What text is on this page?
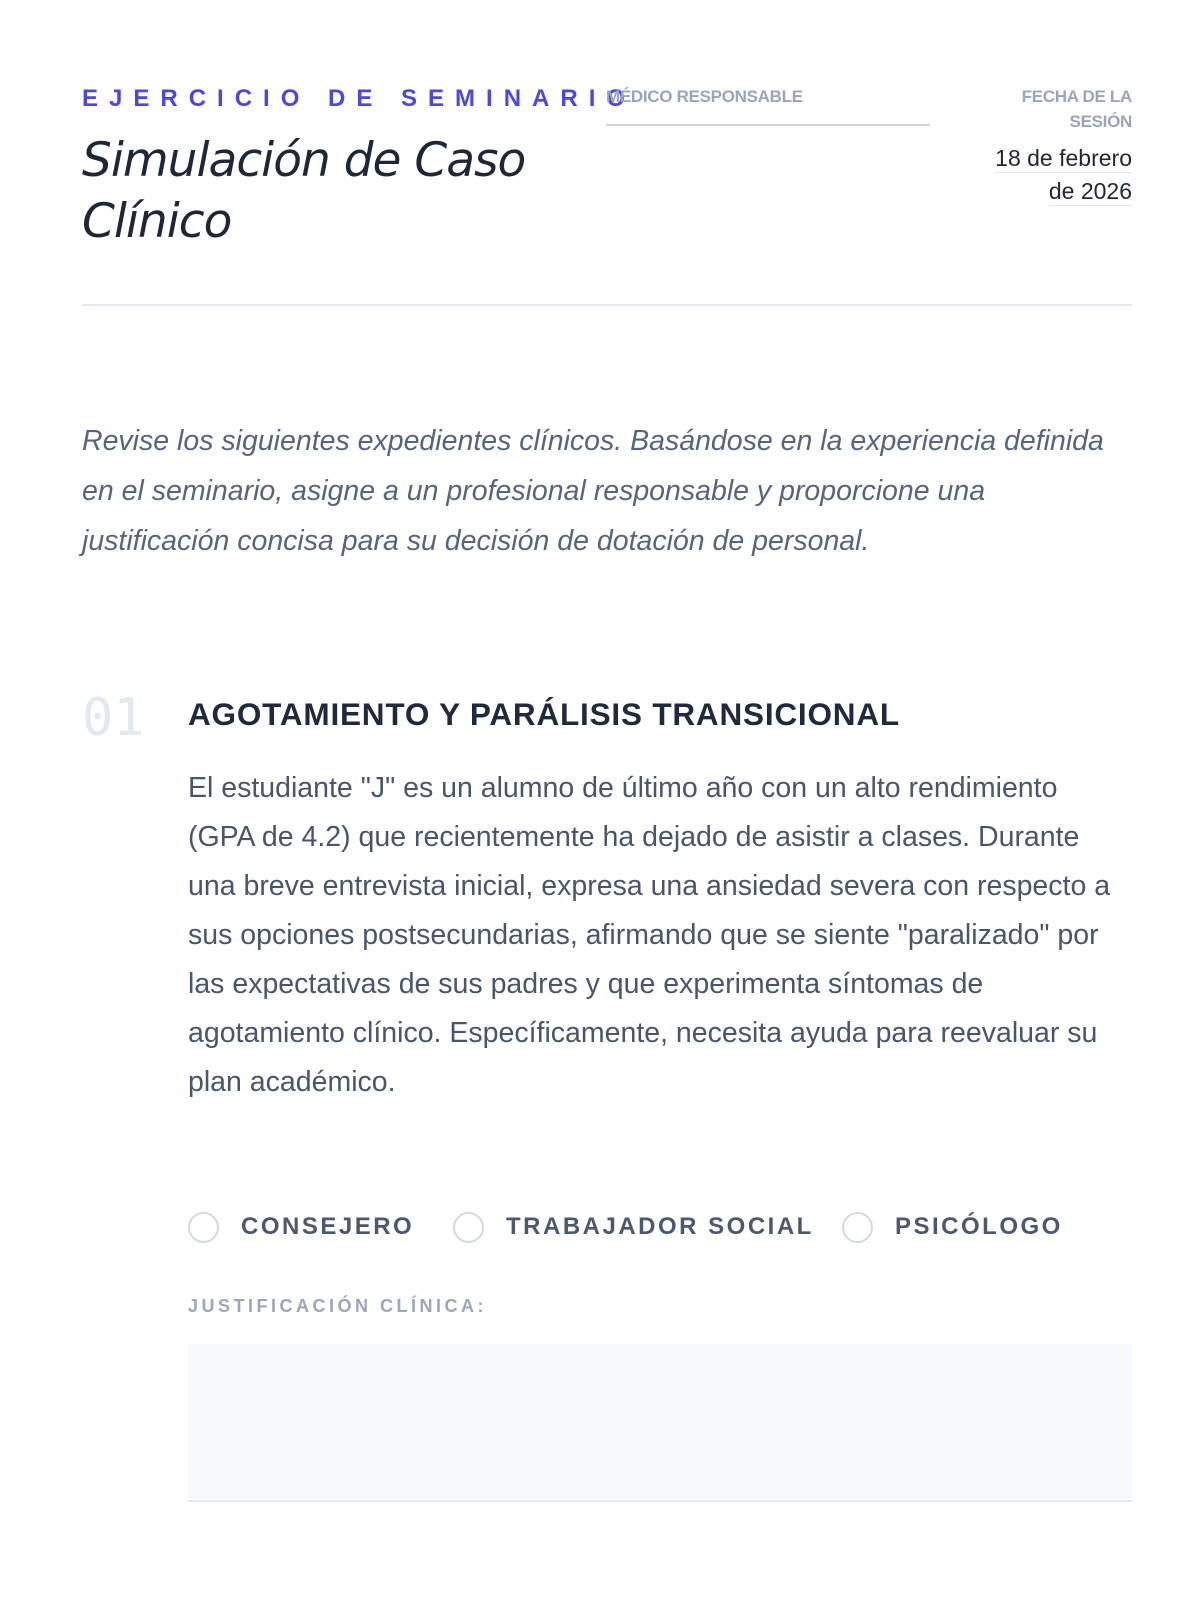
EJERCICIO DE SEMINARIO
Simulación de Caso Clínico
MÉDICO RESPONSABLE	FECHA DE LA SESIÓN
18 de febrero de 2026

Revise los siguientes expedientes clínicos. Basándose en la experiencia definida en el seminario, asigne a un profesional responsable y proporcione una justificación concisa para su decisión de dotación de personal.

01 AGOTAMIENTO Y PARÁLISIS TRANSICIONAL

El estudiante "J" es un alumno de último año con un alto rendimiento (GPA de 4.2) que recientemente ha dejado de asistir a clases. Durante una breve entrevista inicial, expresa una ansiedad severa con respecto a sus opciones postsecundarias, afirmando que se siente "paralizado" por las expectativas de sus padres y que experimenta síntomas de agotamiento clínico. Específicamente, necesita ayuda para reevaluar su plan académico.

CONSEJERO	TRABAJADOR SOCIAL	PSICÓLOGO
JUSTIFICACIÓN CLÍNICA:
